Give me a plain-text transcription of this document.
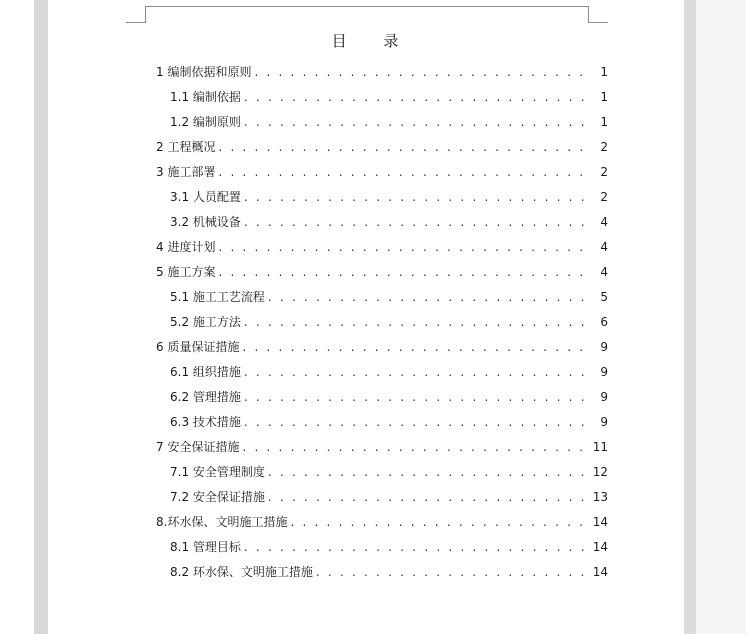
目 录
1 编制依据和原则 . . .	1
1.1 编制依据 . . .	1
1.2 编制原则 . . .	1
2 工程概况 . . .	2
3 施工部署 . . .	2
3.1 人员配置 . . .	2
3.2 机械设备 . . .	4
4 进度计划 . . .	4
5 施工方案 . . .	4
5.1 施工工艺流程 . . .	5
5.2 施工方法 . . .	6
6 质量保证措施 . . .	9
6.1 组织措施 . . .	9
6.2 管理措施 . . .	9
6.3 技术措施 . . .	9
7 安全保证措施 . . .	11
7.1 安全管理制度 . . .	12
7.2 安全保证措施 . . .	13
8.环水保、文明施工措施 . . .	14
8.1 管理目标 . . .	14
8.2 环水保、文明施工措施 . . .	14
